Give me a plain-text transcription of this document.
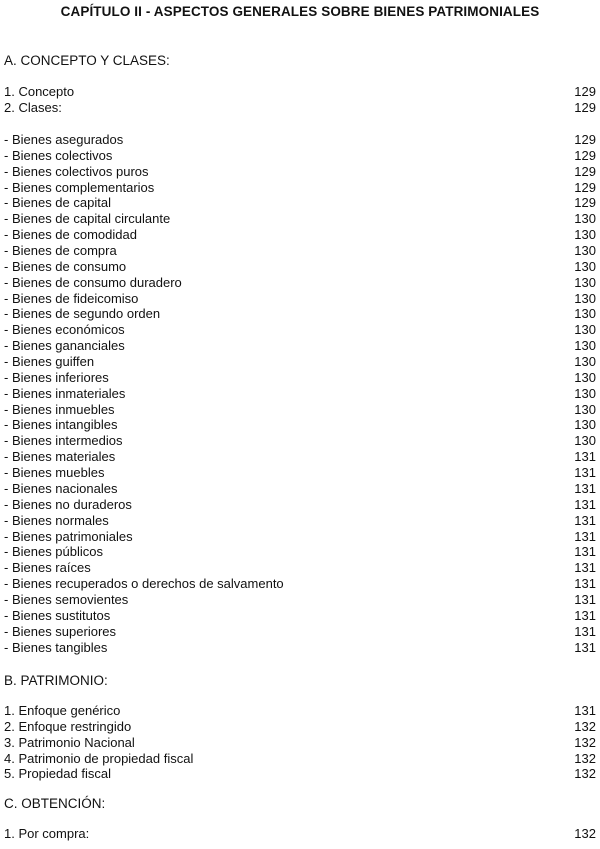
CAPÍTULO II - ASPECTOS GENERALES SOBRE BIENES PATRIMONIALES
A. CONCEPTO Y CLASES:
1. Concepto	129
2. Clases:	129
- Bienes asegurados	129
- Bienes colectivos	129
- Bienes colectivos puros	129
- Bienes complementarios	129
- Bienes de capital	129
- Bienes de capital circulante	130
- Bienes de comodidad	130
- Bienes de compra	130
- Bienes de consumo	130
- Bienes de consumo duradero	130
- Bienes de fideicomiso	130
- Bienes de segundo orden	130
- Bienes económicos	130
- Bienes gananciales	130
- Bienes guiffen	130
- Bienes inferiores	130
- Bienes inmateriales	130
- Bienes inmuebles	130
- Bienes intangibles	130
- Bienes intermedios	130
- Bienes materiales	131
- Bienes muebles	131
- Bienes nacionales	131
- Bienes no duraderos	131
- Bienes normales	131
- Bienes patrimoniales	131
- Bienes públicos	131
- Bienes raíces	131
- Bienes recuperados o derechos de salvamento	131
- Bienes semovientes	131
- Bienes sustitutos	131
- Bienes superiores	131
- Bienes tangibles	131
B. PATRIMONIO:
1. Enfoque genérico	131
2. Enfoque restringido	132
3. Patrimonio Nacional	132
4. Patrimonio de propiedad fiscal	132
5. Propiedad fiscal	132
C. OBTENCIÓN:
1. Por compra:	132
